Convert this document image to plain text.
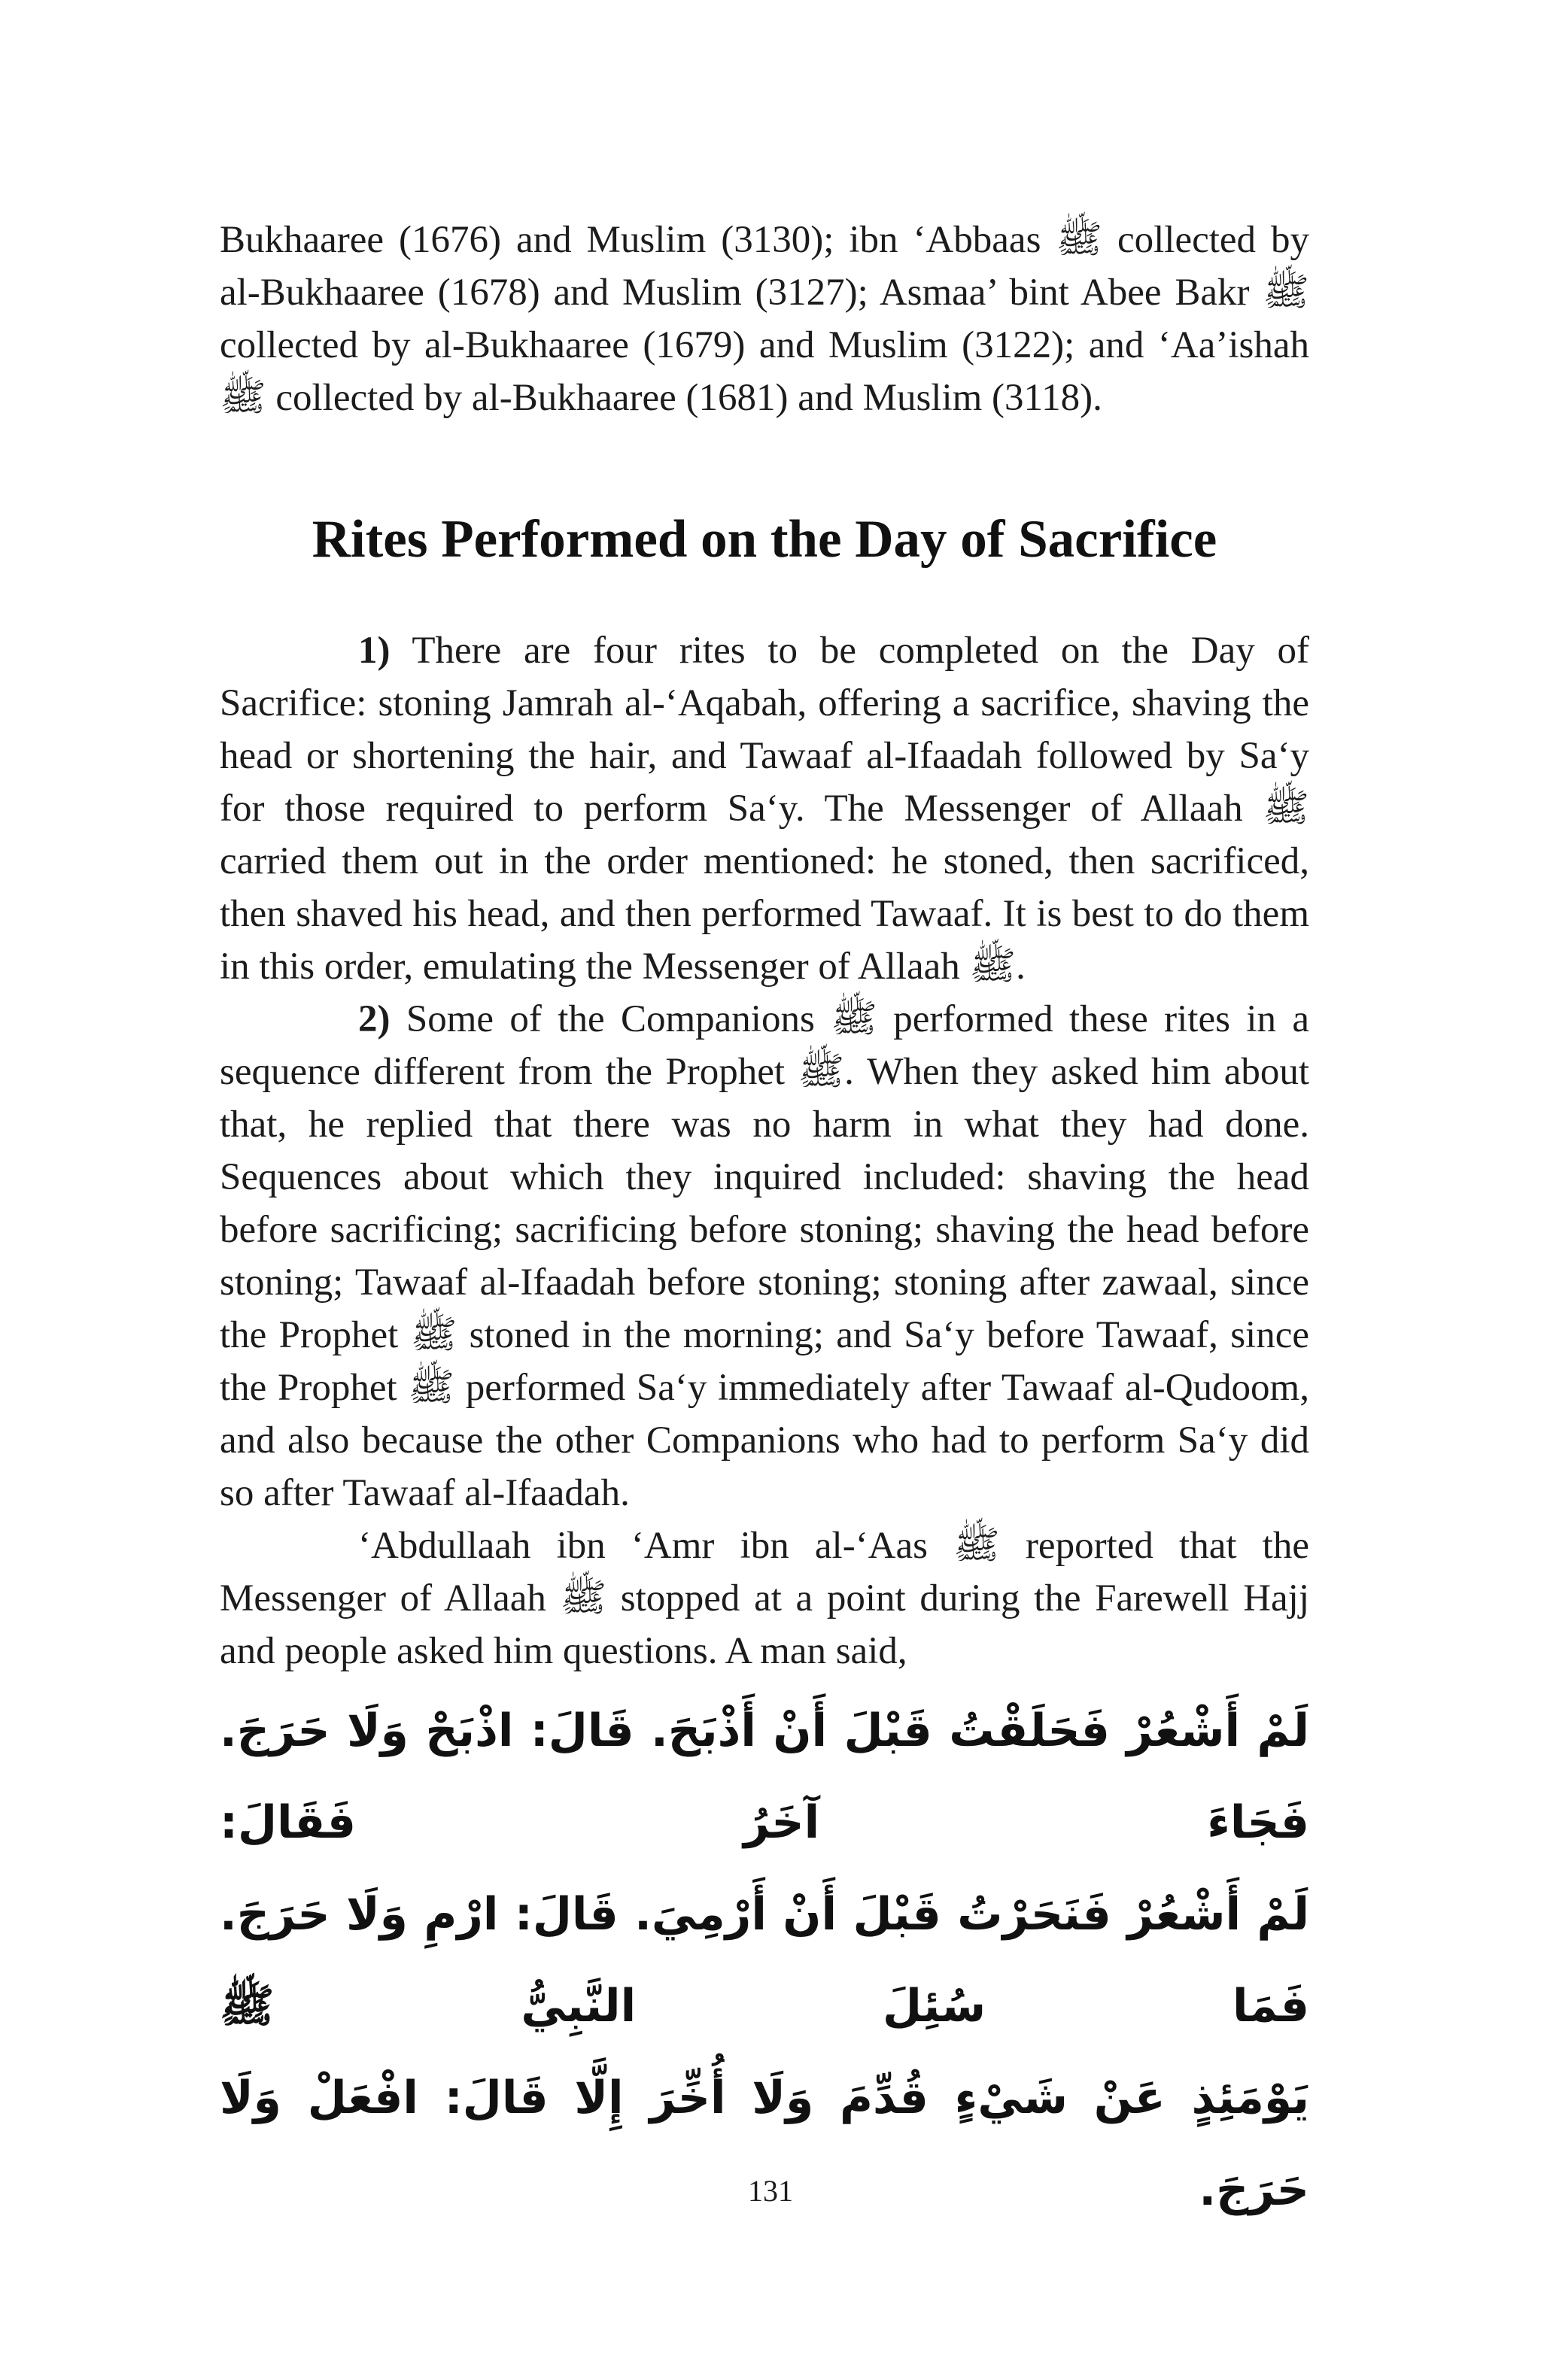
Bukhaaree (1676) and Muslim (3130); ibn ‘Abbaas ﷺ collected by al-Bukhaaree (1678) and Muslim (3127); Asmaa’ bint Abee Bakr ﷺ collected by al-Bukhaaree (1679) and Muslim (3122); and ‘Aa’ishah ﷺ collected by al-Bukhaaree (1681) and Muslim (3118).

Rites Performed on the Day of Sacrifice

1) There are four rites to be completed on the Day of Sacrifice: stoning Jamrah al-‘Aqabah, offering a sacrifice, shaving the head or shortening the hair, and Tawaaf al-Ifaadah followed by Sa‘y for those required to perform Sa‘y. The Messenger of Allaah ﷺ carried them out in the order mentioned: he stoned, then sacrificed, then shaved his head, and then performed Tawaaf. It is best to do them in this order, emulating the Messenger of Allaah ﷺ.

2) Some of the Companions ﷺ performed these rites in a sequence different from the Prophet ﷺ. When they asked him about that, he replied that there was no harm in what they had done. Sequences about which they inquired included: shaving the head before sacrificing; sacrificing before stoning; shaving the head before stoning; Tawaaf al-Ifaadah before stoning; stoning after zawaal, since the Prophet ﷺ stoned in the morning; and Sa‘y before Tawaaf, since the Prophet ﷺ performed Sa‘y immediately after Tawaaf al-Qudoom, and also because the other Companions who had to perform Sa‘y did so after Tawaaf al-Ifaadah.

‘Abdullaah ibn ‘Amr ibn al-‘Aas ﷺ reported that the Messenger of Allaah ﷺ stopped at a point during the Farewell Hajj and people asked him questions. A man said,

لَمْ أَشْعُرْ فَحَلَقْتُ قَبْلَ أَنْ أَذْبَحَ. قَالَ: اذْبَحْ وَلَا حَرَجَ. فَجَاءَ آخَرُ فَقَالَ:
لَمْ أَشْعُرْ فَنَحَرْتُ قَبْلَ أَنْ أَرْمِيَ. قَالَ: ارْمِ وَلَا حَرَجَ. فَمَا سُئِلَ النَّبِيُّ ﷺ
يَوْمَئِذٍ عَنْ شَيْءٍ قُدِّمَ وَلَا أُخِّرَ إِلَّا قَالَ: افْعَلْ وَلَا حَرَجَ.
131
